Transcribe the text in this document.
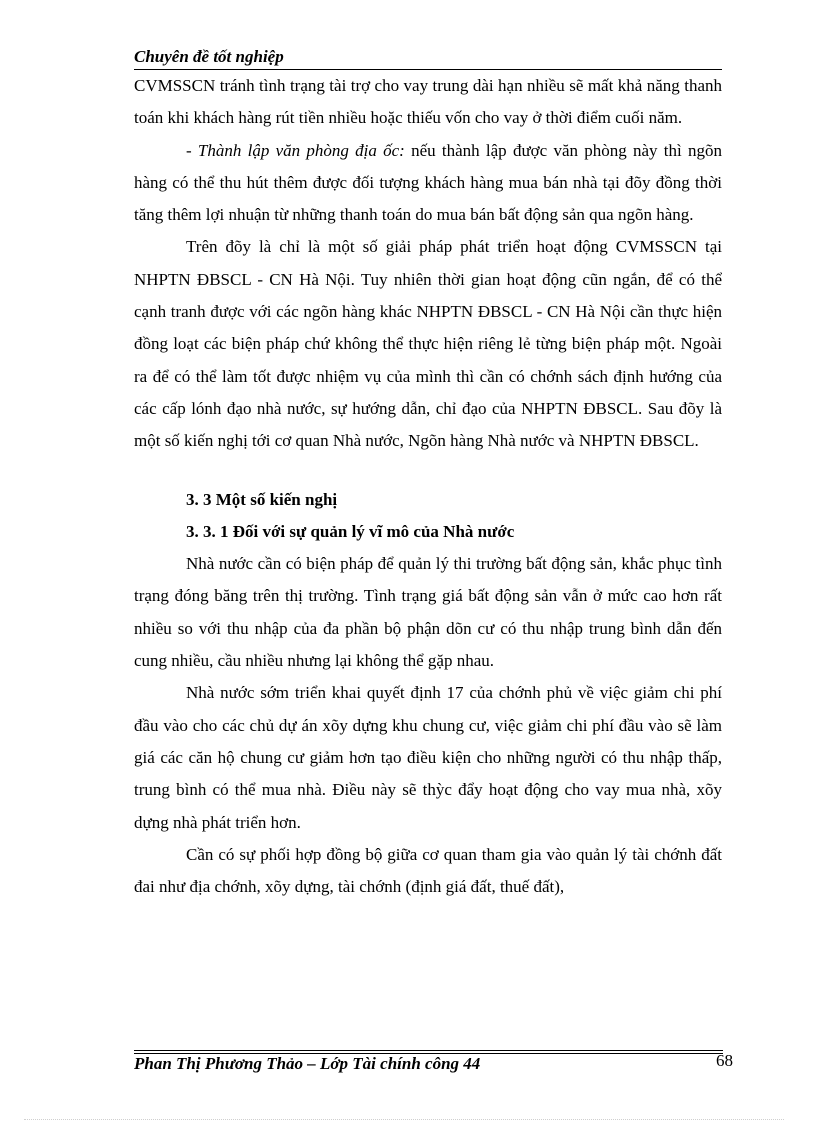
Chuyên đề tốt nghiệp

CVMSSCN tránh tình trạng tài trợ cho vay trung dài hạn nhiều sẽ mất khả năng thanh toán khi khách hàng rút tiền nhiều hoặc thiếu vốn cho vay ở thời điểm cuối năm.

- Thành lập văn phòng địa ốc: nếu thành lập được văn phòng này thì ngõn hàng có thể thu hút thêm được đối tượng khách hàng mua bán nhà tại đõy đồng thời tăng thêm lợi nhuận từ những thanh toán do mua bán bất động sản qua ngõn hàng.

Trên đõy là chỉ là một số giải pháp phát triển hoạt động CVMSSCN tại NHPTN ĐBSCL - CN Hà Nội. Tuy nhiên thời gian hoạt động cũn ngắn, để có thể cạnh tranh được với các ngõn hàng khác NHPTN ĐBSCL - CN Hà Nội cần thực hiện đồng loạt các biện pháp chứ không thể thực hiện riêng lẻ từng biện pháp một. Ngoài ra để có thể làm tốt được nhiệm vụ của mình thì cần có chớnh sách định hướng của các cấp lónh đạo nhà nước, sự hướng dẫn, chỉ đạo của NHPTN ĐBSCL. Sau đõy là một số kiến nghị tới cơ quan Nhà nước, Ngõn hàng Nhà nước và NHPTN ĐBSCL.

3. 3 Một số kiến nghị

3. 3. 1 Đối với sự quản lý vĩ mô của Nhà nước

Nhà nước cần có biện pháp để quản lý thi trường bất động sản, khắc phục tình trạng đóng băng trên thị trường. Tình trạng giá bất động sản vẫn ở mức cao hơn rất nhiều so với thu nhập của đa phần bộ phận dõn cư có thu nhập trung bình dẫn đến cung nhiều, cầu nhiều nhưng lại không thể gặp nhau.

Nhà nước sớm triển khai quyết định 17 của chớnh phủ về việc giảm chi phí đầu vào cho các chủ dự án xõy dựng khu chung cư, việc giảm chi phí đầu vào sẽ làm giá các căn hộ chung cư giảm hơn tạo điều kiện cho những người có thu nhập thấp, trung bình có thể mua nhà. Điều này sẽ thỳc đẩy hoạt động cho vay mua nhà, xõy dựng nhà phát triển hơn.

Cần có sự phối hợp đồng bộ giữa cơ quan tham gia vào quản lý tài chớnh đất đai như địa chớnh, xõy dựng, tài chớnh (định giá đất, thuế đất),

Phan Thị Phương Thảo – Lớp Tài chính công 44	68
